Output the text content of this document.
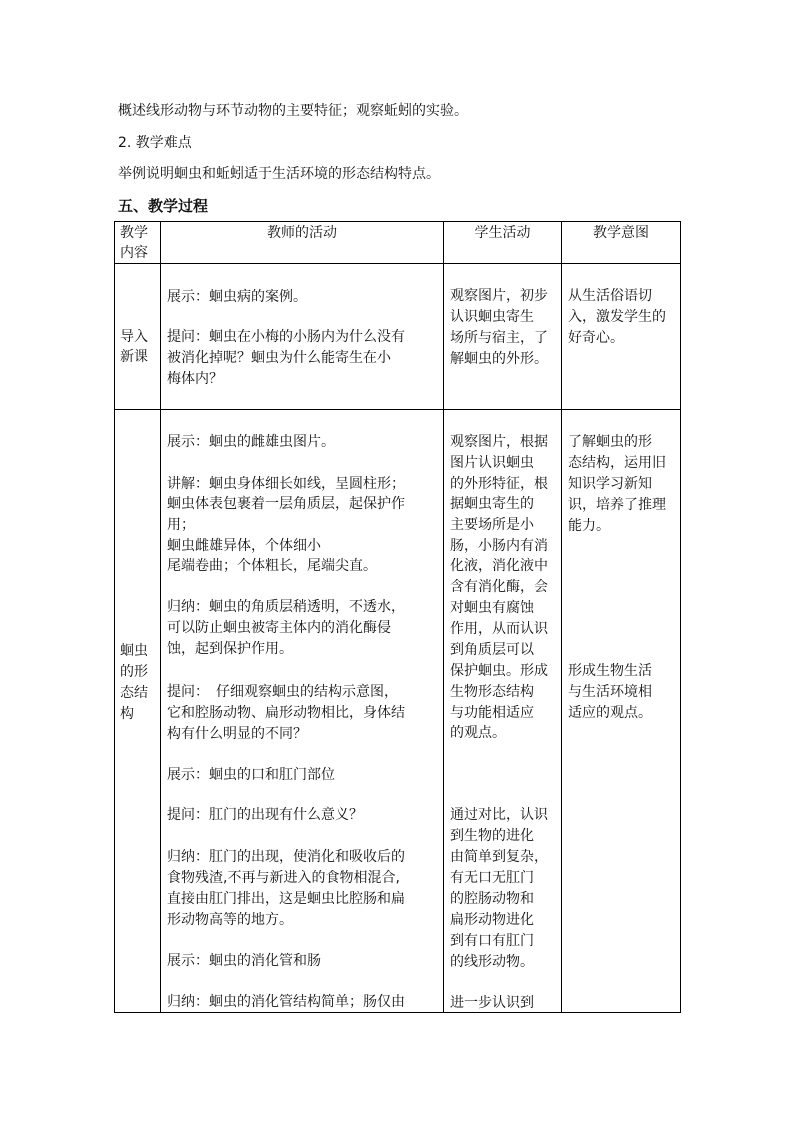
概述线形动物与环节动物的主要特征；观察蚯蚓的实验。
2. 教学难点
举例说明蛔虫和蚯蚓适于生活环境的形态结构特点。
五、教学过程
教学
内容
教师的活动	学生活动	教学意图
导入
新课
展示：蛔虫病的案例。
提问：蛔虫在小梅的小肠内为什么没有
被消化掉呢？蛔虫为什么能寄生在小
梅体内？
观察图片，初步
认识蛔虫寄生
场所与宿主，了
解蛔虫的外形。
从生活俗语切
入，激发学生的
好奇心。
蛔虫
的形
态结
构
展示：蛔虫的雌雄虫图片。
讲解：蛔虫身体细长如线，呈圆柱形；
蛔虫体表包裹着一层角质层，起保护作
用；
蛔虫雌雄异体，个体细小
尾端卷曲；个体粗长，尾端尖直。
归纳：蛔虫的角质层稍透明，不透水，
可以防止蛔虫被寄主体内的消化酶侵
蚀，起到保护作用。
提问：　仔细观察蛔虫的结构示意图，
它和腔肠动物、扁形动物相比，身体结
构有什么明显的不同？
展示：蛔虫的口和肛门部位
提问：肛门的出现有什么意义？
归纳：肛门的出现，使消化和吸收后的
食物残渣,不再与新进入的食物相混合,
直接由肛门排出，这是蛔虫比腔肠和扁
形动物高等的地方。
展示：蛔虫的消化管和肠
归纳：蛔虫的消化管结构简单；肠仅由
观察图片，根据
图片认识蛔虫
的外形特征，根
据蛔虫寄生的
主要场所是小
肠，小肠内有消
化液，消化液中
含有消化酶，会
对蛔虫有腐蚀
作用，从而认识
到角质层可以
保护蛔虫。形成
生物形态结构
与功能相适应
的观点。
通过对比，认识
到生物的进化
由简单到复杂，
有无口无肛门
的腔肠动物和
扁形动物进化
到有口有肛门
的线形动物。
进一步认识到
了解蛔虫的形
态结构，运用旧
知识学习新知
识，培养了推理
能力。
形成生物生活
与生活环境相
适应的观点。
